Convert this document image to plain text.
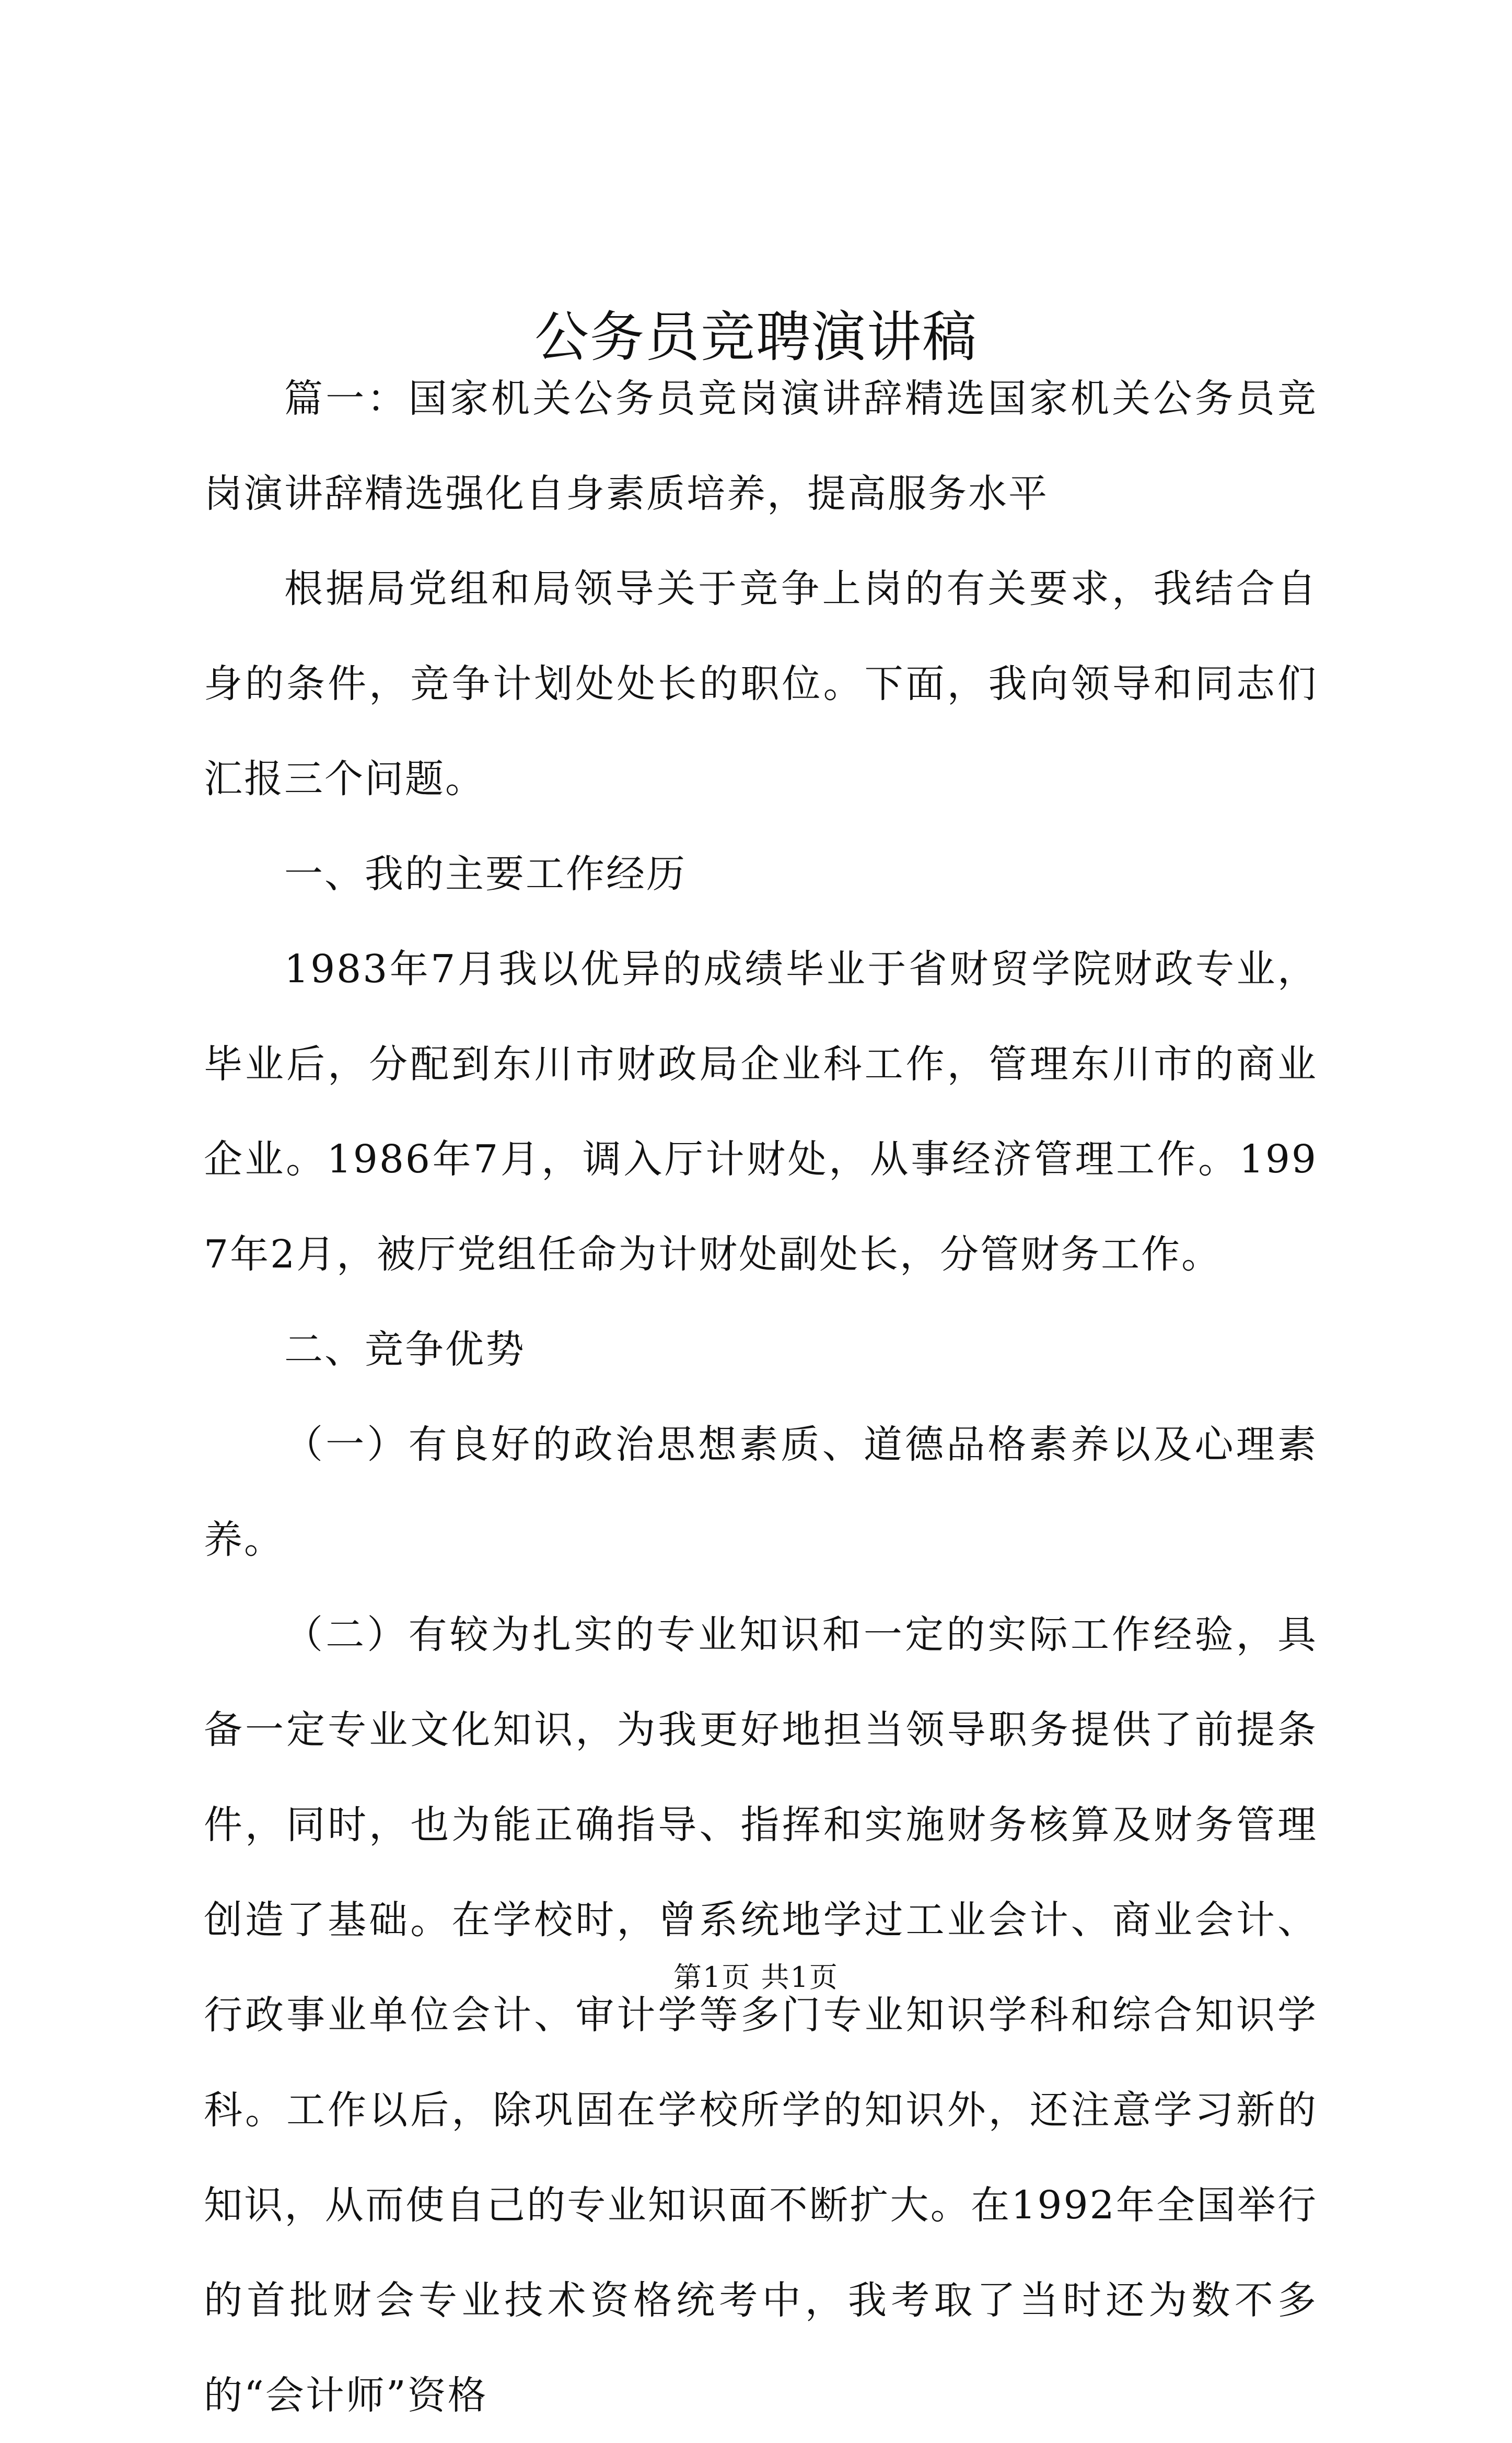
公务员竞聘演讲稿

篇一：国家机关公务员竞岗演讲辞精选国家机关公务员竞岗演讲辞精选强化自身素质培养，提高服务水平

根据局党组和局领导关于竞争上岗的有关要求，我结合自身的条件，竞争计划处处长的职位。下面，我向领导和同志们汇报三个问题。

一、我的主要工作经历

1983年7月我以优异的成绩毕业于省财贸学院财政专业，毕业后，分配到东川市财政局企业科工作，管理东川市的商业企业。1986年7月，调入厅计财处，从事经济管理工作。1997年2月，被厅党组任命为计财处副处长，分管财务工作。

二、竞争优势

（一）有良好的政治思想素质、道德品格素养以及心理素养。

（二）有较为扎实的专业知识和一定的实际工作经验，具备一定专业文化知识，为我更好地担当领导职务提供了前提条件，同时，也为能正确指导、指挥和实施财务核算及财务管理创造了基础。在学校时，曾系统地学过工业会计、商业会计、行政事业单位会计、审计学等多门专业知识学科和综合知识学科。工作以后，除巩固在学校所学的知识外，还注意学习新的知识，从而使自己的专业知识面不断扩大。在1992年全国举行的首批财会专业技术资格统考中，我考取了当时还为数不多的“会计师”资格

第1页 共1页
